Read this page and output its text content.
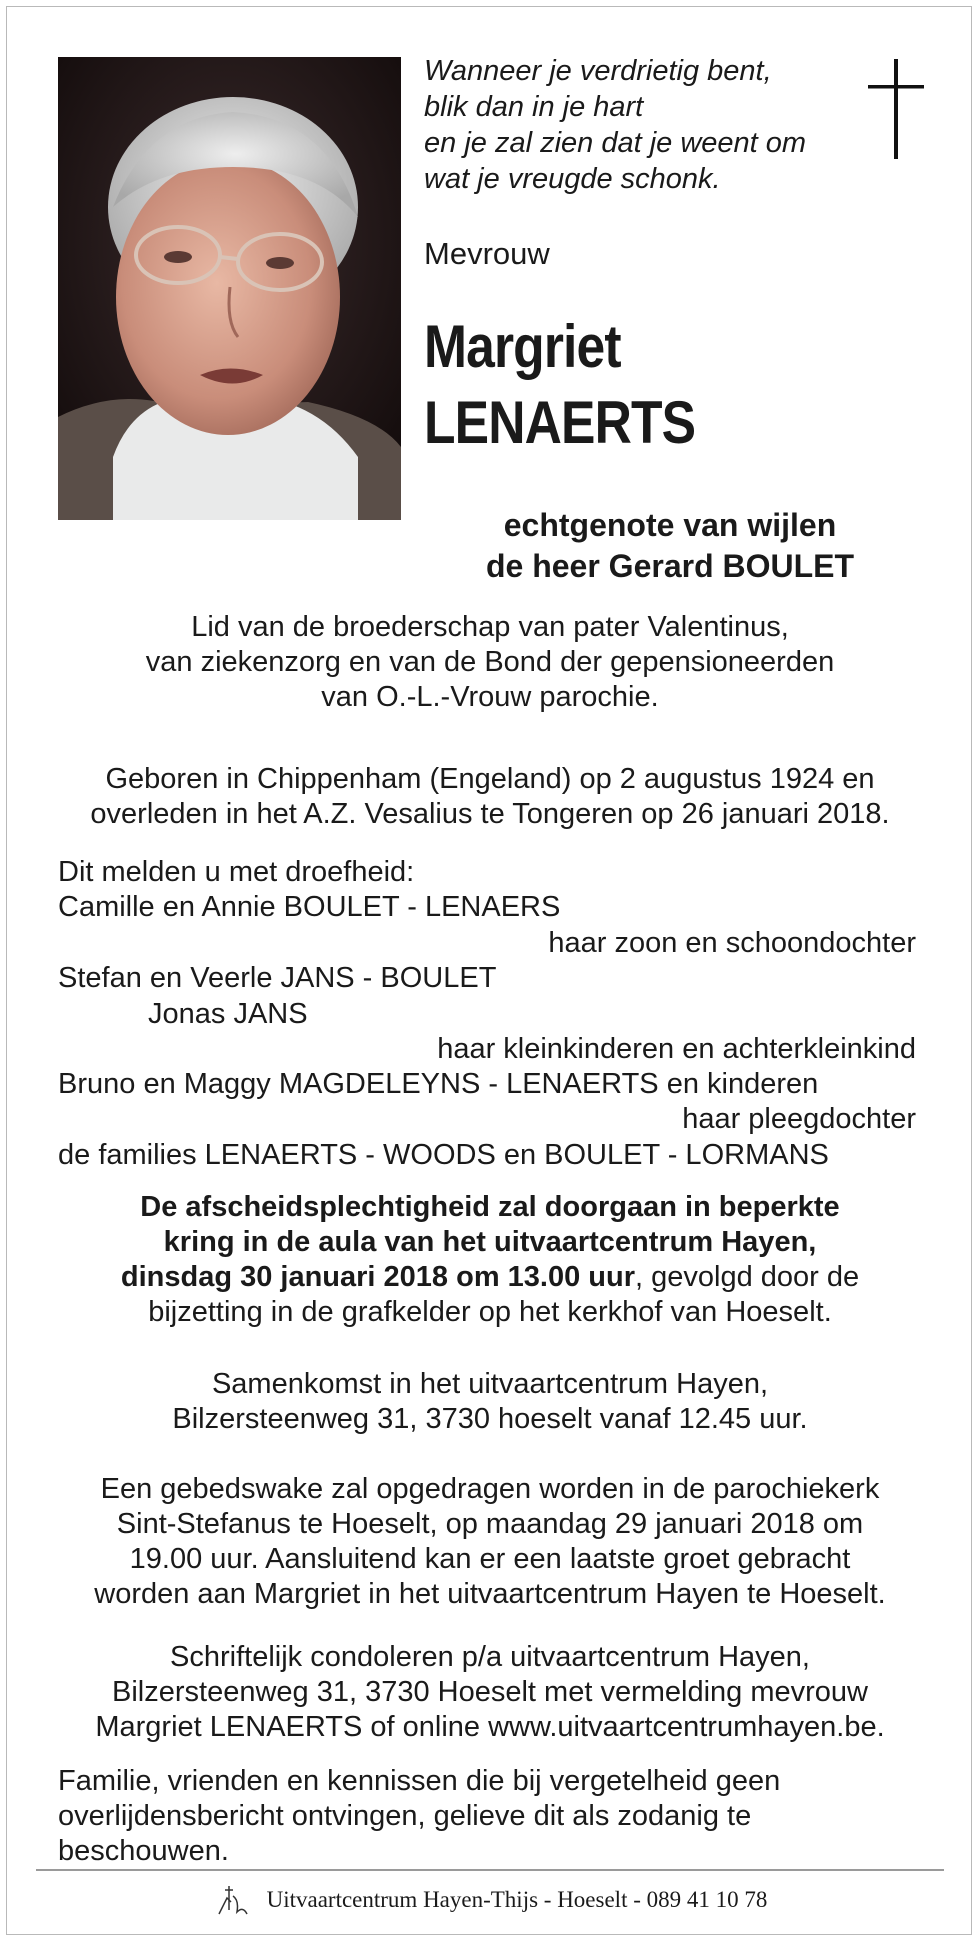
Wanneer je verdrietig bent,
blik dan in je hart
en je zal zien dat je weent om
wat je vreugde schonk.
Mevrouw
Margriet
LENAERTS
echtgenote van wijlen
de heer Gerard BOULET
Lid van de broederschap van pater Valentinus,
van ziekenzorg en van de Bond der gepensioneerden
van O.-L.-Vrouw parochie.
Geboren in Chippenham (Engeland) op 2 augustus 1924 en
overleden in het A.Z. Vesalius te Tongeren op 26 januari 2018.
Dit melden u met droefheid:
Camille en Annie BOULET - LENAERS
haar zoon en schoondochter
Stefan en Veerle JANS - BOULET
Jonas JANS
haar kleinkinderen en achterkleinkind
Bruno en Maggy MAGDELEYNS - LENAERTS en kinderen
haar pleegdochter
de families LENAERTS - WOODS en BOULET - LORMANS
De afscheidsplechtigheid zal doorgaan in beperkte
kring in de aula van het uitvaartcentrum Hayen,
dinsdag 30 januari 2018 om 13.00 uur, gevolgd door de
bijzetting in de grafkelder op het kerkhof van Hoeselt.
Samenkomst in het uitvaartcentrum Hayen,
Bilzersteenweg 31, 3730 hoeselt vanaf 12.45 uur.
Een gebedswake zal opgedragen worden in de parochiekerk
Sint-Stefanus te Hoeselt, op maandag 29 januari 2018 om
19.00 uur. Aansluitend kan er een laatste groet gebracht
worden aan Margriet in het uitvaartcentrum Hayen te Hoeselt.
Schriftelijk condoleren p/a uitvaartcentrum Hayen,
Bilzersteenweg 31, 3730 Hoeselt met vermelding mevrouw
Margriet LENAERTS of online www.uitvaartcentrumhayen.be.
Familie, vrienden en kennissen die bij vergetelheid geen
overlijdensbericht ontvingen, gelieve dit als zodanig te
beschouwen.
Uitvaartcentrum Hayen-Thijs - Hoeselt - 089 41 10 78
